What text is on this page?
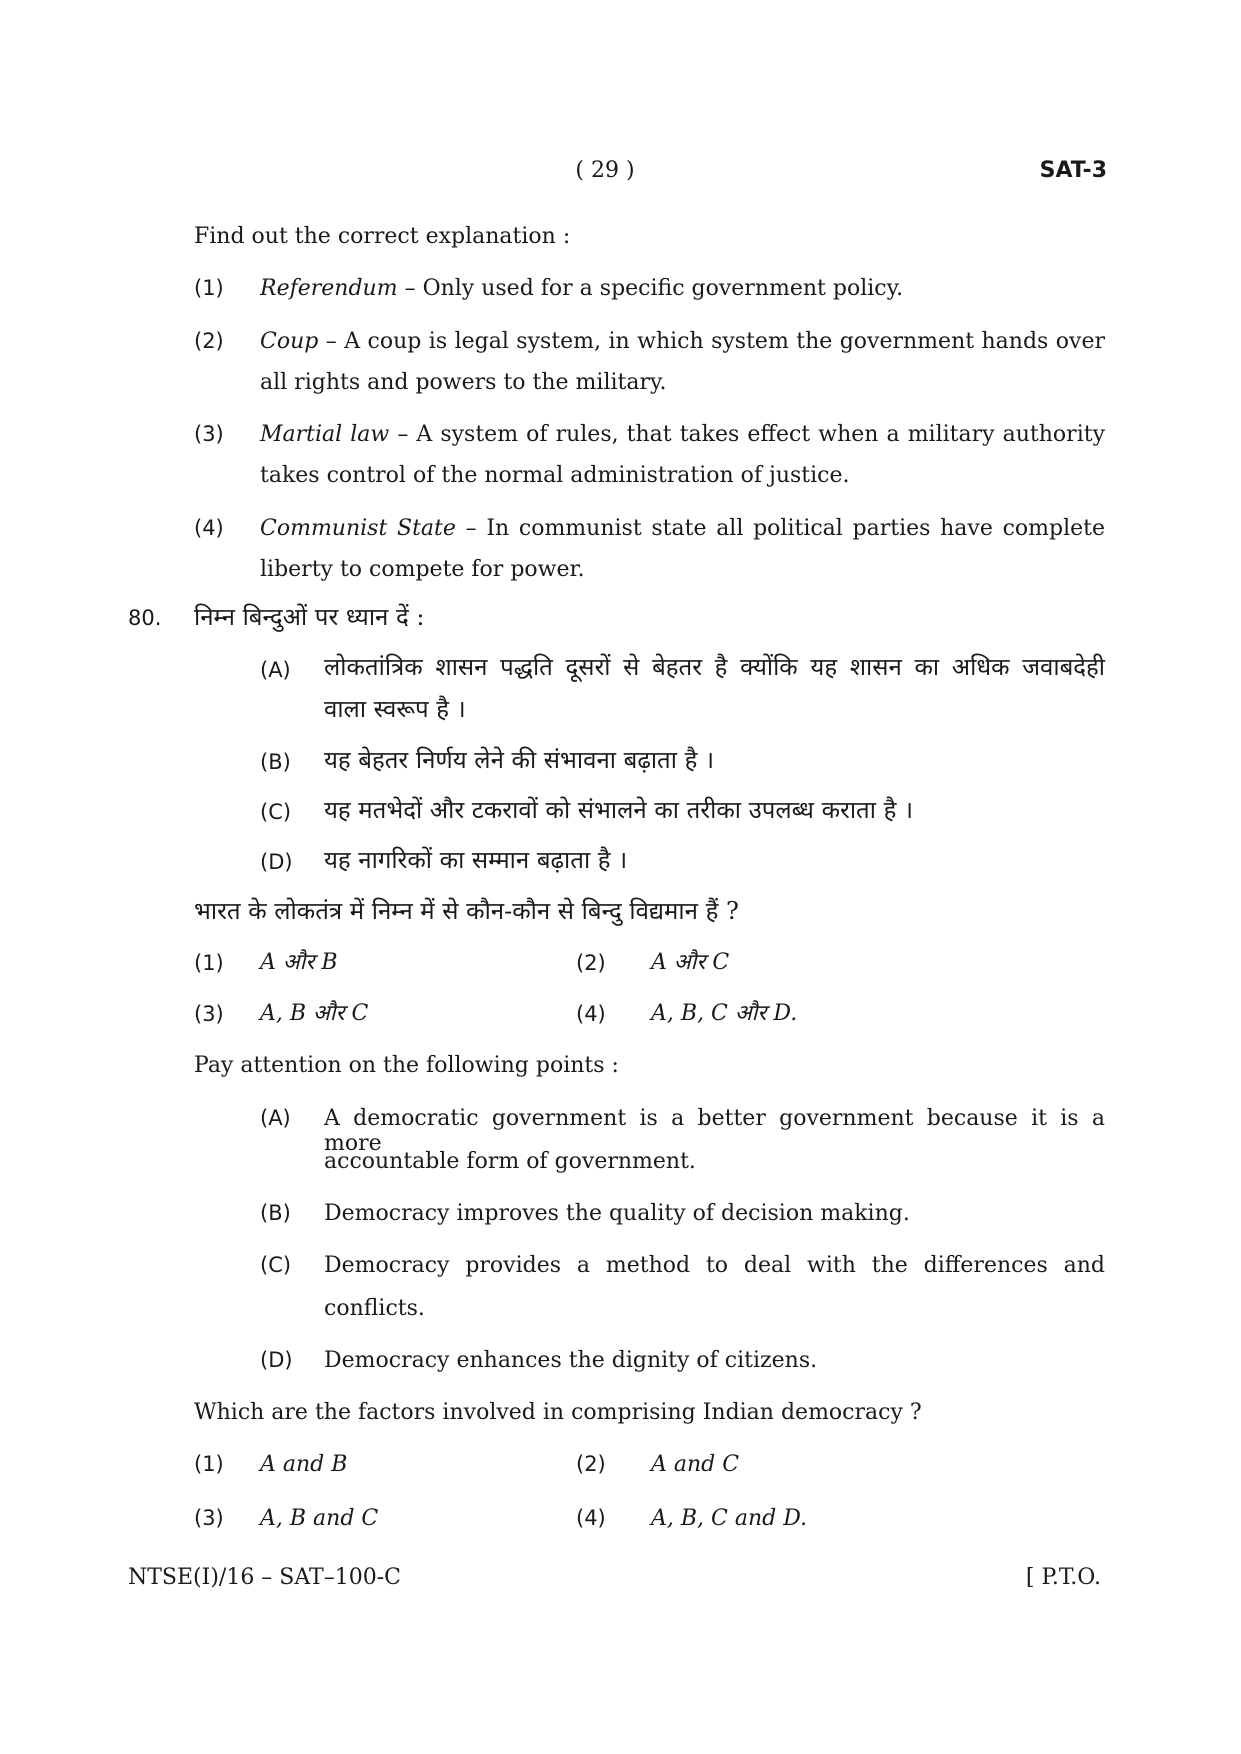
( 29 )	SAT-3
Find out the correct explanation :
(1) Referendum – Only used for a specific government policy.
(2) Coup – A coup is legal system, in which system the government hands over
all rights and powers to the military.
(3) Martial law – A system of rules, that takes effect when a military authority
takes control of the normal administration of justice.
(4) Communist State – In communist state all political parties have complete
liberty to compete for power.
80. निम्न बिन्दुओं पर ध्यान दें :
(A) लोकतांत्रिक शासन पद्धति दूसरों से बेहतर है क्योंकि यह शासन का अधिक जवाबदेही
वाला स्वरूप है ।
(B) यह बेहतर निर्णय लेने की संभावना बढ़ाता है ।
(C) यह मतभेदों और टकरावों को संभालने का तरीका उपलब्ध कराता है ।
(D) यह नागरिकों का सम्मान बढ़ाता है ।
भारत के लोकतंत्र में निम्न में से कौन-कौन से बिन्दु विद्यमान हैं ?
(1) A और B	(2) A और C
(3) A, B और C	(4) A, B, C और D.
Pay attention on the following points :
(A) A democratic government is a better government because it is a more
accountable form of government.
(B) Democracy improves the quality of decision making.
(C) Democracy provides a method to deal with the differences and
conflicts.
(D) Democracy enhances the dignity of citizens.
Which are the factors involved in comprising Indian democracy ?
(1) A and B	(2) A and C
(3) A, B and C	(4) A, B, C and D.
NTSE(I)/16 – SAT–100-C	[ P.T.O.
